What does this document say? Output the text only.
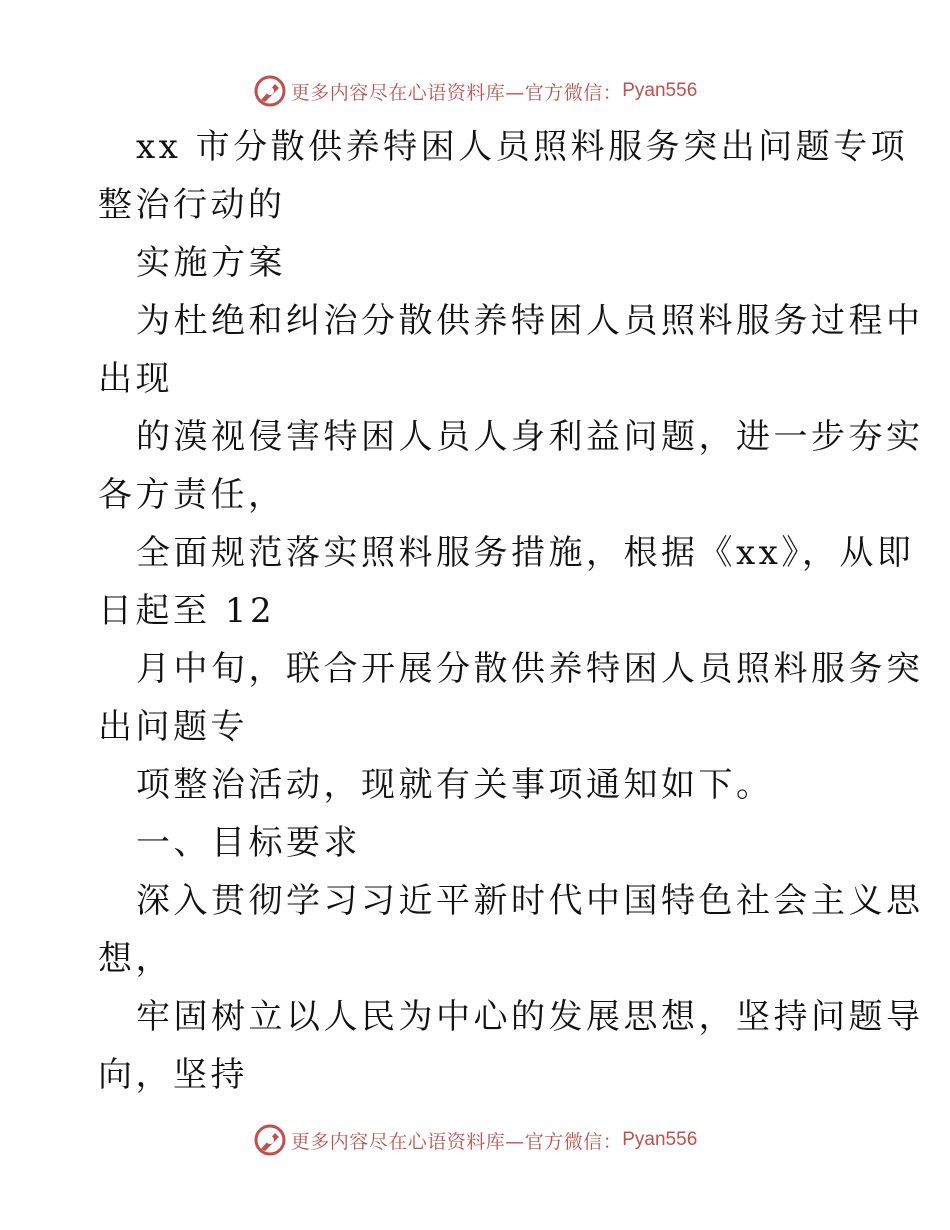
更多内容尽在心语资料库—官方微信： Pyan556
xx 市分散供养特困人员照料服务突出问题专项
整治行动的
实施方案
为杜绝和纠治分散供养特困人员照料服务过程中
出现
的漠视侵害特困人员人身利益问题，进一步夯实
各方责任，
全面规范落实照料服务措施，根据《xx》，从即
日起至 12
月中旬，联合开展分散供养特困人员照料服务突
出问题专
项整治活动，现就有关事项通知如下。
一、目标要求
深入贯彻学习习近平新时代中国特色社会主义思
想，
牢固树立以人民为中心的发展思想，坚持问题导
向，坚持
更多内容尽在心语资料库—官方微信： Pyan556
